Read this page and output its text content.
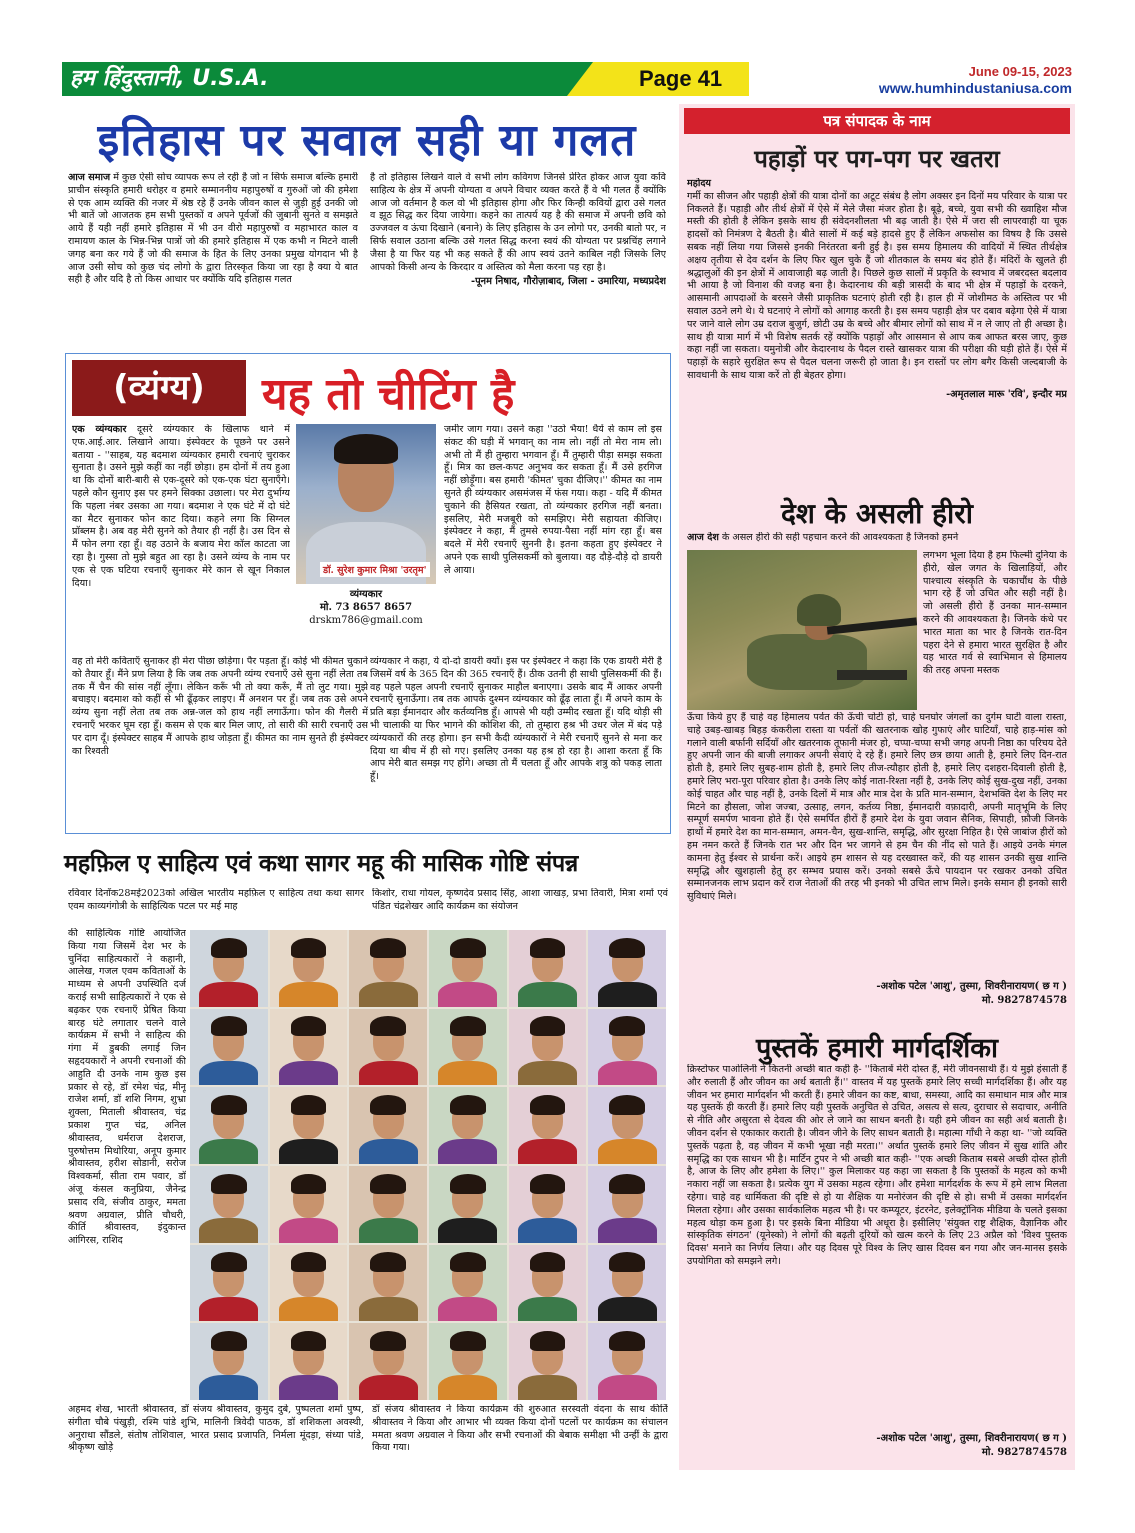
हम हिंदुस्तानी, U.S.A.	Page 41	June 09-15, 2023
www.humhindustaniusa.com
इतिहास पर सवाल सही या गलत
आज समाज में कुछ ऐसी सोच व्यापक रूप ले रही है जो न सिर्फ समाज बल्कि हमारी प्राचीन संस्कृति हमारी धरोहर व हमारे सम्माननीय महापुरुषों व गुरुओं जो की हमेशा से एक आम व्यक्ति की नजर में श्रेष्ठ रहे हैं उनके जीवन काल से जुड़ी हुई उनकी जो भी बातें जो आजतक हम सभी पुस्तकों व अपने पूर्वजों की जुबानी सुनते व समझते आये हैं यही नहीं हमारे इतिहास में भी उन वीरो महापुरुषों व महाभारत काल व रामायण काल के भिन्न-भिन्न पात्रों जो की हमारे इतिहास में एक कभी न मिटने वाली जगह बना कर गये हैं जो की समाज के हित के लिए उनका प्रमुख योगदान भी है आज उसी सोच को कुछ चंद लोगो के द्वारा तिरस्कृत किया जा रहा है क्या ये बात सही है और यदि है तो किस आधार पर क्योंकि यदि इतिहास गलत
है तो इतिहास लिखने वाले वे सभी लोग कविगण जिनसे प्रेरित होकर आज युवा कवि साहित्य के क्षेत्र में अपनी योग्यता व अपने विचार व्यक्त करते हैं वे भी गलत हैं क्योंकि आज जो वर्तमान है कल वो भी इतिहास होगा और फिर किन्ही कवियों द्वारा उसे गलत व झूठ सिद्ध कर दिया जायेगा। कहने का तात्पर्य यह है की समाज में अपनी छवि को उज्जवल व ऊंचा दिखाने (बनाने) के लिए इतिहास के उन लोगो पर, उनकी बातो पर, न सिर्फ सवाल उठाना बल्कि उसे गलत सिद्ध करना स्वयं की योग्यता पर प्रश्नचिंह लगाने जैसा है या फिर यह भी कह सकते हैं की आप स्वयं उतने काबिल नही जिसके लिए आपको किसी अन्य के किरदार व अस्तित्व को मैला करना पड़ रहा है।
-पूनम निषाद, गौरोज़ाबाद, जिला - उमारिया, मध्यप्रदेश
(व्यंग्य)	यह तो चीटिंग है
एक व्यंग्यकार दूसरे व्यंग्यकार के खिलाफ थाने में एफ.आई.आर. लिखाने आया। इंस्पेक्टर के पूछने पर उसने बताया - ''साहब, यह बदमाश व्यंग्यकार हमारी रचनाएं चुराकर सुनाता है। उसने मुझे कहीं का नहीं छोड़ा। हम दोनों में तय हुआ था कि दोनों बारी-बारी से एक-दूसरे को एक-एक घंटा सुनाएँगे। पहले कौन सुनाए इस पर हमने सिक्का उछाला। पर मेरा दुर्भाग्य कि पहला नंबर उसका आ गया। बदमाश ने एक घंटे में दो घंटे का मैटर सुनाकर फोन काट दिया। कहने लगा कि सिग्नल प्रॉब्लम है। अब वह मेरी सुनने को तैयार ही नहीं है। उस दिन से मैं फोन लगा रहा हूँ। वह उठाने के बजाय मेरा कॉल काटता जा रहा है। गुस्सा तो मुझे बहुत आ रहा है। उसने व्यंग्य के नाम पर एक से एक घटिया रचनाएँ सुनाकर मेरे कान से खून निकाल दिया।
डॉ. सुरेश कुमार मिश्रा 'उरतृम'
व्यंग्यकार
मो. 73 8657 8657
drskm786@gmail.com
जमीर जाग गया। उसने कहा ''उठो भैया! धैर्य से काम लो इस संकट की घड़ी में भगवान् का नाम लो। नहीं तो मेरा नाम लो। अभी तो मैं ही तुम्हारा भगवान हूँ। मैं तुम्हारी पीड़ा समझ सकता हूँ। मित्र का छल-कपट अनुभव कर सकता हूँ। मैं उसे हरगिज नहीं छोड़ूँगा। बस हमारी 'कीमत' चुका दीजिए।'' कीमत का नाम सुनते ही व्यंग्यकार असमंजस में फंस गया। कहा - यदि मैं कीमत चुकाने की हैसियत रखता, तो व्यंग्यकार हरगिज नहीं बनता। इसलिए, मेरी मजबूरी को समझिए। मेरी सहायता कीजिए। इंस्पेक्टर ने कहा, मैं तुमसे रुपया-पैसा नहीं मांग रहा हूँ। बस बदले में मेरी रचनाएँ सुननी है। इतना कहता हुए इंस्पेक्टर ने अपने एक साथी पुलिसकर्मी को बुलाया। वह दौड़े-दौड़े दो डायरी ले आया।
वह तो मेरी कविताएँ सुनाकर ही मेरा पीछा छोड़ेगा। पैर पड़ता हूँ। कोई भी कीमत चुकाने को तैयार हूँ। मैंने प्रण लिया है कि जब तक अपनी व्यंग्य रचनाएँ उसे सुना नहीं लेता तब तक मैं चैन की सांस नहीं लूँगा। लेकिन करूँ भी तो क्या करूँ, मैं तो लुट गया। मुझे बचाइए। बदमाश को कहीं से भी ढूँढ़कर लाइए। मैं अनशन पर हूँ। जब तक उसे अपने व्यंग्य सुना नहीं लेता तब तक अन्न-जल को हाथ नहीं लगाऊँगा। फोन की गैलरी में रचनाएँ भरकर घूम रहा हूँ। कसम से एक बार मिल जाए, तो सारी की सारी रचनाएँ उस पर दाग दूँ। इंस्पेक्टर साहब मैं आपके हाथ जोड़ता हूँ। कीमत का नाम सुनते ही इंस्पेक्टर का रिश्वती
व्यंग्यकार ने कहा, ये दो-दो डायरी क्यों। इस पर इंस्पेक्टर ने कहा कि एक डायरी मेरी है जिसमें वर्ष के 365 दिन की 365 रचनाएँ हैं। ठीक उतनी ही साथी पुलिसकर्मी की हैं। वह पहले पहल अपनी रचनाएँ सुनाकर माहौल बनाएगा। उसके बाद मैं आकर अपनी रचनाएँ सुनाऊँगा। तब तक आपके दुश्मन व्यंग्यकार को ढूँढ़ लाता हूँ। मैं अपने काम के प्रति बड़ा ईमानदार और कर्तव्यनिष्ठ हूँ। आपसे भी यही उम्मीद रखता हूँ। यदि थोड़ी सी भी चालाकी या फिर भागने की कोशिश की, तो तुम्हारा हश्र भी उधर जेल में बंद पड़े व्यंग्यकारों की तरह होगा। इन सभी कैदी व्यंग्यकारों ने मेरी रचनाएँ सुनने से मना कर दिया था बीच में ही सो गए। इसलिए उनका यह हश्र हो रहा है। आशा करता हूँ कि आप मेरी बात समझ गए होंगे। अच्छा तो मैं चलता हूँ और आपके शत्रु को पकड़ लाता हूँ।
महफ़िल ए साहित्य एवं कथा सागर महू की मासिक गोष्टि संपन्न
रविवार दिनाँक28मई2023को अखिल भारतीय महफ़िल ए साहित्य तथा कथा सागर एवम काव्यगंगोत्री के साहित्यिक पटल पर मई माह
किशोर, राधा गोयल, कृष्णदेव प्रसाद सिंह, आशा जाखड़, प्रभा तिवारी, मित्रा शर्मा एवं पंडित चंद्रशेखर आदि कार्यक्रम का संयोजन
की साहित्यिक गोष्टि आयोजित किया गया जिसमें देश भर के चुनिंदा साहित्यकारों ने कहानी, आलेख, गजल एवम कविताओं के माध्यम से अपनी उपस्थिति दर्ज कराई सभी साहित्यकारों ने एक से बढ़कर एक रचनाएँ प्रेषित किया बारह घंटे लगातार चलने वाले कार्यक्रम में सभी ने साहित्य की गंगा में डुबकी लगाई जिन सहृदयकारों ने अपनी रचनाओं की आहुति दी उनके नाम कुछ इस प्रकार से रहे, डॉ रमेश चंद्र, मीनू राजेश शर्मा, डॉ शशि निगम, शुभ्रा शुक्ला, मिताली श्रीवास्तव, चंद्र प्रकाश गुप्त चंद्र, अनिल श्रीवास्तव, धर्मराज देशराज, पुरुषोत्तम मिथोरिया, अनूप कुमार श्रीवास्तव, हरीश सोडानी, सरोज विश्वकर्मा, सीता राम पवार, डॉ अंजू कंसल कनुप्रिया, जैनेन्द्र प्रसाद रवि, संजीव ठाकुर, ममता श्रवण अग्रवाल, प्रीति चौधरी, कीर्ति श्रीवास्तव, इंदुकान्त आंगिरस, राशिद
अहमद शेख, भारती श्रीवास्तव, डॉ संजय श्रीवास्तव, कुमुद दुबे, पुष्पलता शर्मा पुष्प, संगीता चौबे पंखुड़ी, रश्मि पांडे शुभि, मालिनी त्रिवेदी पाठक, डॉ शशिकला अवस्थी, अनुराधा सौंडले, संतोष तोशिवाल, भारत प्रसाद प्रजापति, निर्मला मूंदड़ा, संध्या पांडे, श्रीकृष्ण खोड़े
डॉ संजय श्रीवास्तव ने किया कार्यक्रम की शुरुआत सरस्वती वंदना के साथ कीर्ति श्रीवास्तव ने किया और आभार भी व्यक्त किया दोनों पटलों पर कार्यक्रम का संचालन ममता श्रवण अग्रवाल ने किया और सभी रचनाओं की बेबाक समीक्षा भी उन्हीं के द्वारा किया गया।
पत्र संपादक के नाम
पहाड़ों पर पग-पग पर खतरा
महोदय
गर्मी का सीजन और पहाड़ी क्षेत्रों की यात्रा दोनों का अटूट संबंध है लोग अक्सर इन दिनों मय परिवार के यात्रा पर निकलते हैं। पहाड़ी और तीर्थ क्षेत्रों में ऐसे में मेले जैसा मंजर होता है। बूढ़े, बच्चे, युवा सभी की ख्वाहिश मौज मस्ती की होती है लेकिन इसके साथ ही संवेदनशीलता भी बढ़ जाती है। ऐसे में जरा सी लापरवाही या चूक हादसों को निमंत्रण दे बैठती है। बीते सालों में कई बड़े हादसे हुए हैं लेकिन अफसोस का विषय है कि उससे सबक नहीं लिया गया जिससे इनकी निरंतरता बनी हुई है। इस समय हिमालय की वादियों में स्थित तीर्थक्षेत्र अक्षय तृतीया से देव दर्शन के लिए फिर खुल चुके हैं जो शीतकाल के समय बंद होते हैं। मंदिरों के खुलते ही श्रद्धालुओं की इन क्षेत्रों में आवाजाही बढ़ जाती है। पिछले कुछ सालों में प्रकृति के स्वभाव में जबरदस्त बदलाव भी आया है जो विनाश की वजह बना है। केदारनाथ की बड़ी त्रासदी के बाद भी क्षेत्र में पहाड़ों के दरकने, आसमानी आपदाओं के बरसने जैसी प्राकृतिक घटनाएं होती रही है। हाल ही में जोशीमठ के अस्तित्व पर भी सवाल उठने लगे थे। ये घटनाएं ने लोगों को आगाह करती है। इस समय पहाड़ी क्षेत्र पर दबाव बढ़ेगा ऐसे में यात्रा पर जाने वाले लोग उम्र दराज बुजुर्ग, छोटी उम्र के बच्चे और बीमार लोगों को साथ में न ले जाए तो ही अच्छा है। साथ ही यात्रा मार्ग में भी विशेष सतर्क रहें क्योंकि पहाड़ों और आसमान से आप कब आफत बरस जाए, कुछ कहा नहीं जा सकता। यमुनोत्री और केदारनाथ के पैदल रास्ते खासकर यात्रा की परीक्षा की घड़ी होते हैं। ऐसे में पहाड़ों के सहारे सुरक्षित रूप से पैदल चलना जरूरी हो जाता है। इन रास्तों पर लोग बगैर किसी जल्दबाजी के सावधानी के साथ यात्रा करें तो ही बेहतर होगा।
-अमृतलाल मारू 'रवि', इन्दौर मप्र
देश के असली हीरो
आज देश के असल हीरो की सही पहचान करने की आवश्यकता है जिनको हमने
लगभग भूला दिया है हम फिल्मी दुनिया के हीरो, खेल जगत के खिलाड़ियों, और पाश्चात्य संस्कृति के चकाचौंध के पीछे भाग रहे हैं जो उचित और सही नहीं है। जो असली हीरो हैं उनका मान-सम्मान करने की आवश्यकता है। जिनके कंधे पर भारत माता का भार है जिनके रात-दिन पहरा देने से हमारा भारत सुरक्षित है और यह भारत गर्व से स्वाभिमान से हिमालय की तरह अपना मस्तक
ऊँचा किये हुए हैं चाहे वह हिमालय पर्वत की ऊँची चोटी हो, चाहे घनघोर जंगलों का दुर्गम घाटी वाला रास्ता, चाहे उबड़-खाबड़ बिहड़ कंकरीला रास्ता या पर्वतों की खतरनाक खोह गुफाएं और घाटियाँ, चाहे हाड़-मांस को गलाने वाली बर्फानी सर्दियाँ और खतरनाक तूफानी मंजर हो, चप्पा-चप्पा सभी जगह अपनी निष्ठा का परिचय देते हुए अपनी जान की बाजी लगाकर अपनी सेवाएं दे रहे हैं। हमारे लिए छत्र छाया आती है, हमारे लिए दिन-रात होती है, हमारे लिए सुबह-शाम होती है, हमारे लिए तीज-त्यौहार होती है, हमारे लिए दशहरा-दिवाली होती है, हमारे लिए भरा-पूरा परिवार होता है। उनके लिए कोई नाता-रिश्ता नहीं है, उनके लिए कोई सुख-दुख नहीं, उनका कोई चाहत और चाह नहीं है, उनके दिलों में मात्र और मात्र देश के प्रति मान-सम्मान, देशभक्ति देश के लिए मर मिटने का हौसला, जोश जज्बा, उत्साह, लगन, कर्तव्य निष्ठा, ईमानदारी वफ़ादारी, अपनी मातृभूमि के लिए सम्पूर्ण समर्पण भावना होते हैं। ऐसे समर्पित हीरों हैं हमारे देश के युवा जवान सैनिक, सिपाही, फ़ौजी जिनके हाथों में हमारे देश का मान-सम्मान, अमन-चैन, सुख-शान्ति, समृद्धि, और सुरक्षा निहित है। ऐसे जाबांज हीरों को हम नमन करते हैं जिनके रात भर और दिन भर जागने से हम चैन की नींद सो पाते हैं। आइये उनके मंगल कामना हेतु ईश्वर से प्रार्थना करें। आइये हम शासन से यह दरख्वास्त करें, की यह शासन उनकी सुख शान्ति समृद्धि और खुशहाली हेतु हर सम्भव प्रयास करें। उनको सबसे ऊँचे पायदान पर रखकर उनको उचित सम्मानजनक लाभ प्रदान करें राज नेताओं की तरह भी इनको भी उचित लाभ मिले। इनके समान ही इनको सारी सुविधाएं मिले।
-अशोक पटेल 'आशु', तुस्मा, शिवरीनारायण( छ ग )
मो. 9827874578
पुस्तकें हमारी मार्गदर्शिका
क्रिस्टोफर पाओलिनी ने कितनी अच्छी बात कही है- ''किताबें मेरी दोस्त हैं, मेरी जीवनसाथी हैं। ये मुझे हंसाती हैं और रुलाती हैं और जीवन का अर्थ बताती हैं।'' वास्तव में यह पुस्तकें हमारे लिए सच्ची मार्गदर्शिका हैं। और यह जीवन भर हमारा मार्गदर्शन भी करती हैं। हमारे जीवन का कष्ट, बाधा, समस्या, आदि का समाधान मात्र और मात्र यह पुस्तकें ही करती हैं। हमारे लिए यही पुस्तकें अनुचित से उचित, असत्य से सत्य, दुराचार से सदाचार, अनीति से नीति और असुरता से देवत्व की ओर ले जाने का साधन बनती है। यही हमे जीवन का सही अर्थ बताती है। जीवन दर्शन से एकाकार कराती है। जीवन जीने के लिए साधन बताती है। महात्मा गाँधी ने कहा था- ''जो व्यक्ति पुस्तकें पढ़ता है, वह जीवन में कभी भूखा नही मरता।'' अर्थात पुस्तकें हमारे लिए जीवन में सुख शांति और समृद्धि का एक साधन भी है। मार्टिन टुपर ने भी अच्छी बात कही- ''एक अच्छी किताब सबसे अच्छी दोस्त होती है, आज के लिए और हमेशा के लिए।'' कुल मिलाकर यह कहा जा सकता है कि पुस्तकों के महत्व को कभी नकारा नहीं जा सकता है। प्रत्येक युग में उसका महत्व रहेगा। और हमेशा मार्गदर्शक के रूप में हमे लाभ मिलता रहेगा। चाहे वह धार्मिकता की दृष्टि से हो या शैक्षिक या मनोरंजन की दृष्टि से हो। सभी में उसका मार्गदर्शन मिलता रहेगा। और उसका सार्वकालिक महत्व भी है। पर कम्प्यूटर, इंटरनेट, इलेक्ट्रॉनिक मीडिया के चलते इसका महत्व थोड़ा कम हुआ है। पर इसके बिना मीडिया भी अधूरा है। इसीलिए 'संयुक्त राष्ट्र शैक्षिक, वैज्ञानिक और सांस्कृतिक संगठन' (यूनेस्को) ने लोगों की बढ़ती दूरियों को खत्म करने के लिए 23 अप्रैल को 'विश्व पुस्तक दिवस' मनाने का निर्णय लिया। और यह दिवस पूरे विश्व के लिए खास दिवस बन गया और जन-मानस इसके उपयोगिता को समझने लगे।
-अशोक पटेल 'आशु', तुस्मा, शिवरीनारायण( छ ग )
मो. 9827874578
